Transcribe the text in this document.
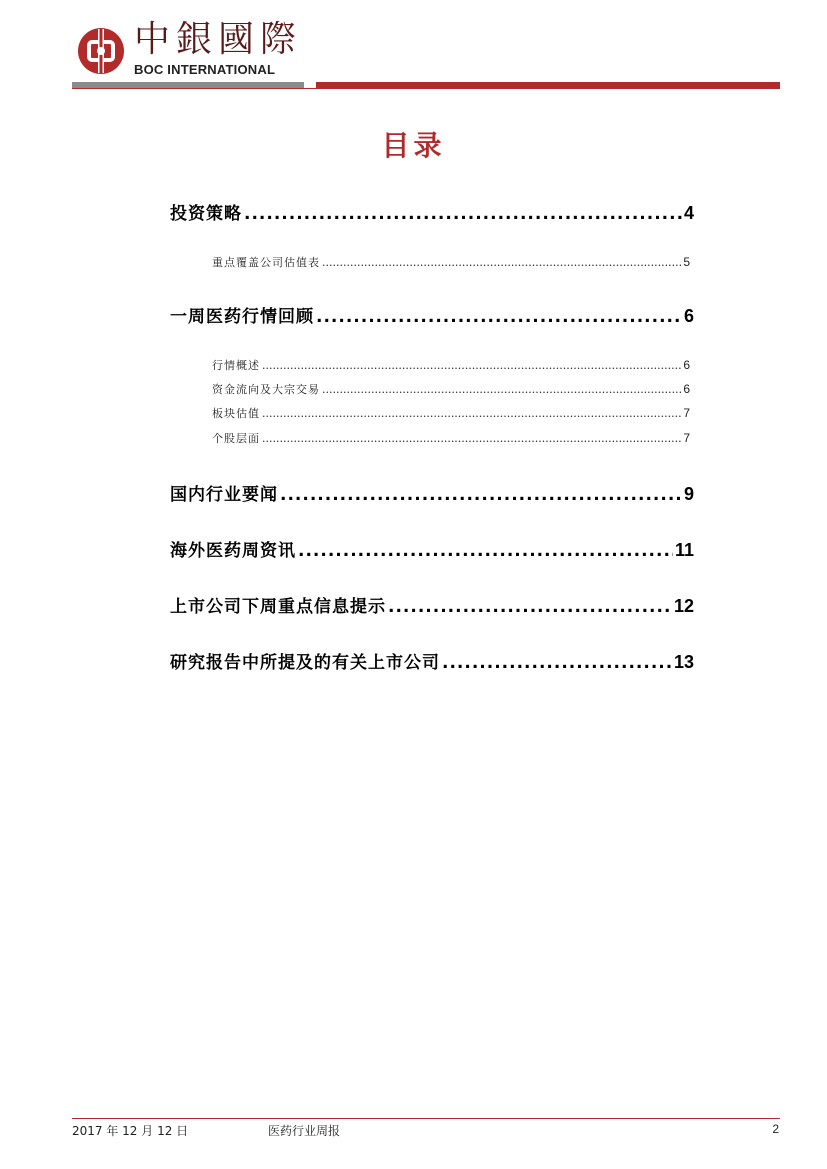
中銀國際
BOC INTERNATIONAL
目录
投资策略 .....	4
重点覆盖公司估值表 .....	5
一周医药行情回顾 .....	6
行情概述 .....	6
资金流向及大宗交易 .....	6
板块估值 .....	7
个股层面 .....	7
国内行业要闻 .....	9
海外医药周资讯 .....	11
上市公司下周重点信息提示 .....	12
研究报告中所提及的有关上市公司 .....	13
2017 年 12 月 12 日	医药行业周报	2
